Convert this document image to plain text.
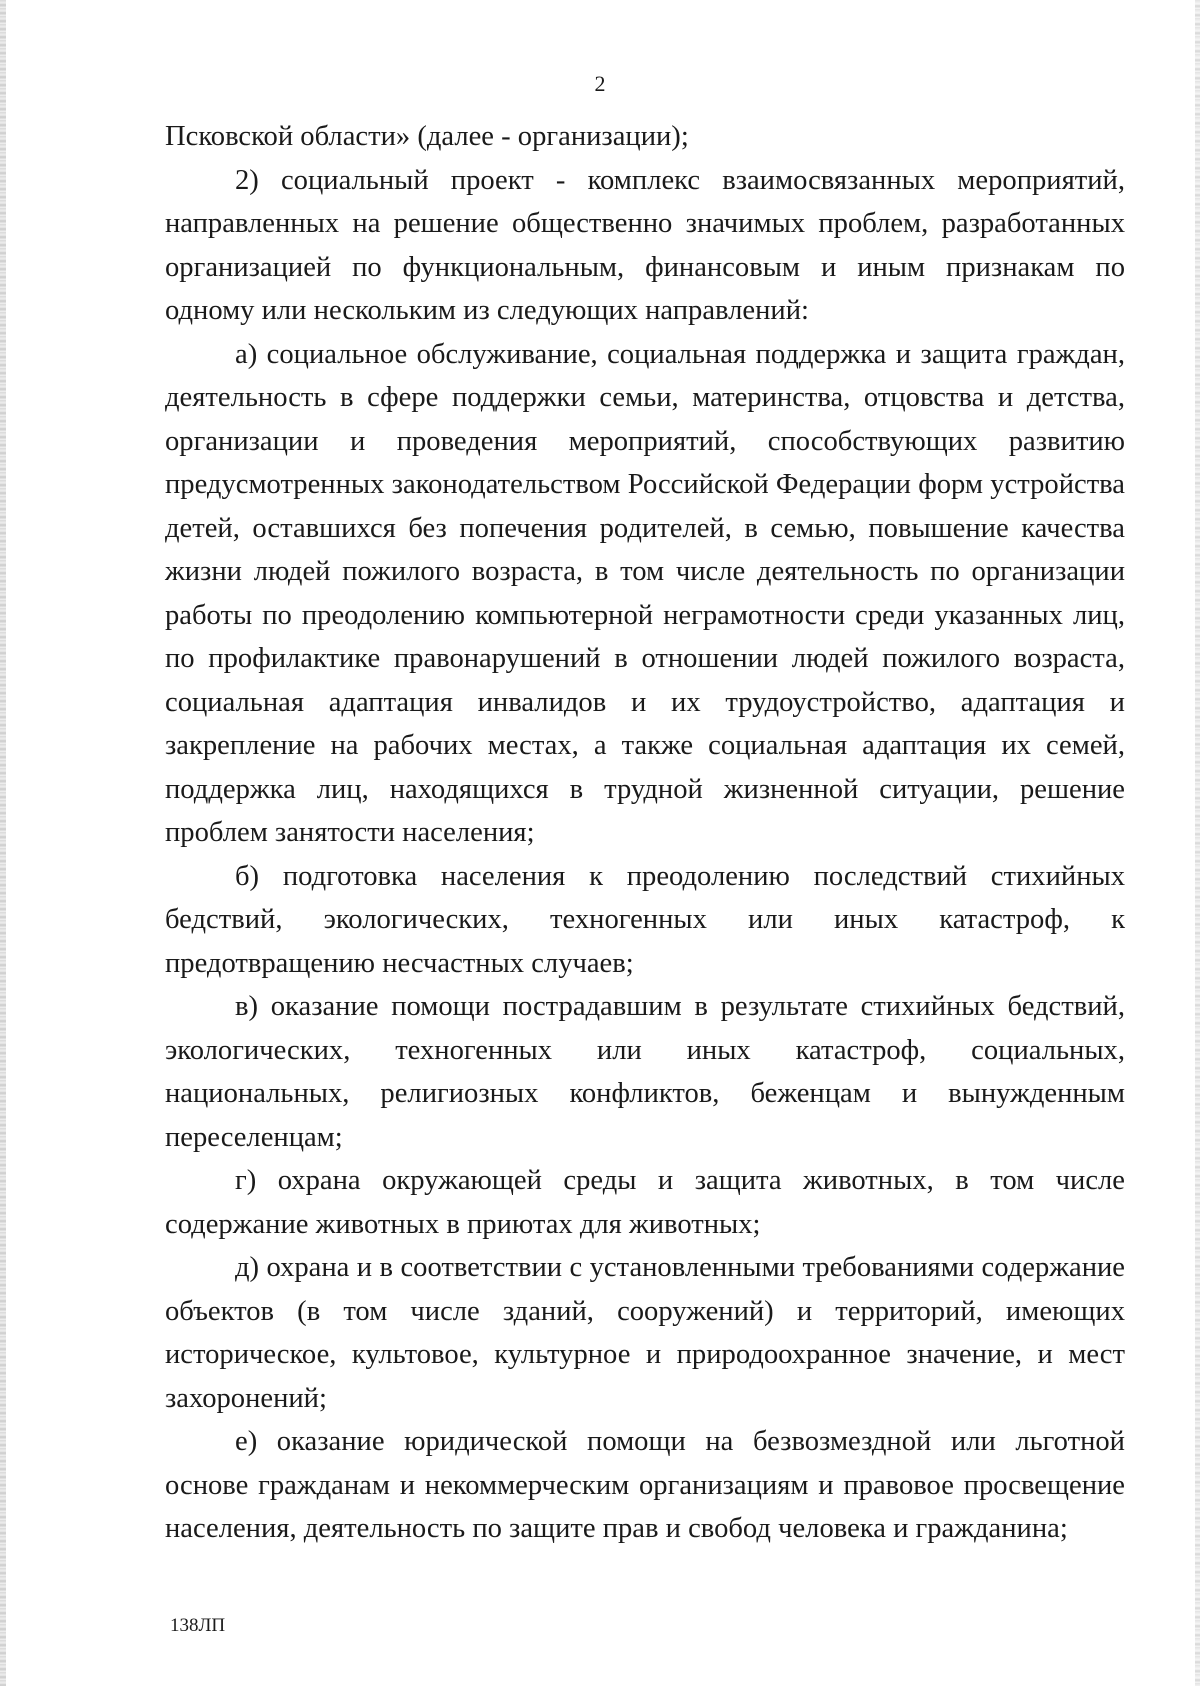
2

Псковской области» (далее - организации);

2) социальный проект - комплекс взаимосвязанных мероприятий, направленных на решение общественно значимых проблем, разработанных организацией по функциональным, финансовым и иным признакам по одному или нескольким из следующих направлений:

а) социальное обслуживание, социальная поддержка и защита граждан, деятельность в сфере поддержки семьи, материнства, отцовства и детства, организации и проведения мероприятий, способствующих развитию предусмотренных законодательством Российской Федерации форм устройства детей, оставшихся без попечения родителей, в семью, повышение качества жизни людей пожилого возраста, в том числе деятельность по организации работы по преодолению компьютерной неграмотности среди указанных лиц, по профилактике правонарушений в отношении людей пожилого возраста, социальная адаптация инвалидов и их трудоустройство, адаптация и закрепление на рабочих местах, а также социальная адаптация их семей, поддержка лиц, находящихся в трудной жизненной ситуации, решение проблем занятости населения;

б) подготовка населения к преодолению последствий стихийных бедствий, экологических, техногенных или иных катастроф, к предотвращению несчастных случаев;

в) оказание помощи пострадавшим в результате стихийных бедствий, экологических, техногенных или иных катастроф, социальных, национальных, религиозных конфликтов, беженцам и вынужденным переселенцам;

г) охрана окружающей среды и защита животных, в том числе содержание животных в приютах для животных;

д) охрана и в соответствии с установленными требованиями содержание объектов (в том числе зданий, сооружений) и территорий, имеющих историческое, культовое, культурное и природоохранное значение, и мест захоронений;

е) оказание юридической помощи на безвозмездной или льготной основе гражданам и некоммерческим организациям и правовое просвещение населения, деятельность по защите прав и свобод человека и гражданина;

138ЛП
